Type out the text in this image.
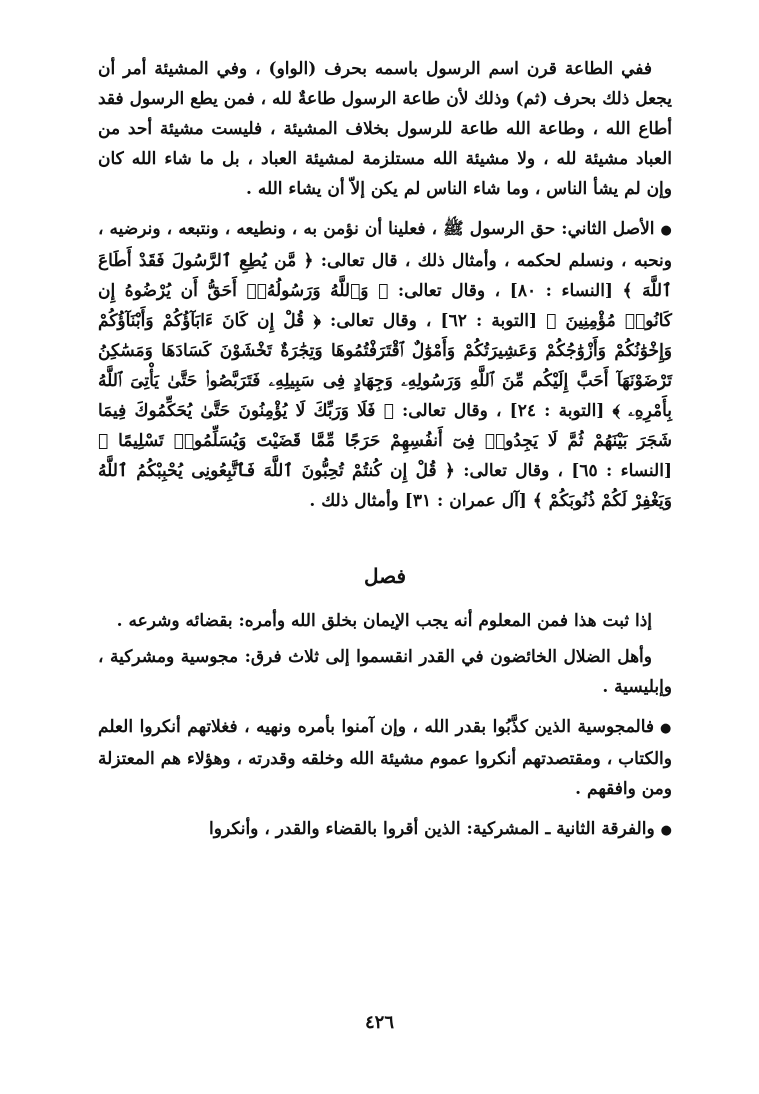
ففي الطاعة قرن اسم الرسول باسمه بحرف (الواو) ، وفي المشيئة أمر أن يجعل ذلك بحرف (ثم) وذلك لأن طاعة الرسول طاعةٌ لله ، فمن يطع الرسول فقد أطاع الله ، وطاعة الله طاعة للرسول بخلاف المشيئة ، فليست مشيئة أحد من العباد مشيئة لله ، ولا مشيئة الله مستلزمة لمشيئة العباد ، بل ما شاء الله كان وإن لم يشأ الناس ، وما شاء الناس لم يكن إلاّ أن يشاء الله .

●الأصل الثاني: حق الرسول ﷺ ، فعلينا أن نؤمن به ، ونطيعه ، ونتبعه ، ونرضيه ، ونحبه ، ونسلم لحكمه ، وأمثال ذلك ، قال تعالى: ﴿ مَّن يُطِعِ ٱلرَّسُولَ فَقَدْ أَطَاعَ ٱللَّهَ ﴾ [النساء : ٨٠] ، وقال تعالى: ﴿ وَٱللَّهُ وَرَسُولُهُۥٓ أَحَقُّ أَن يُرْضُوهُ إِن كَانُوا۟ مُؤْمِنِينَ ﴾ [التوبة : ٦٢] ، وقال تعالى: ﴿ قُلْ إِن كَانَ ءَابَآؤُكُمْ وَأَبْنَآؤُكُمْ وَإِخْوَٰنُكُمْ وَأَزْوَٰجُكُمْ وَعَشِيرَتُكُمْ وَأَمْوَٰلٌ ٱقْتَرَفْتُمُوهَا وَتِجَٰرَةٌ تَخْشَوْنَ كَسَادَهَا وَمَسَٰكِنُ تَرْضَوْنَهَآ أَحَبَّ إِلَيْكُم مِّنَ ٱللَّهِ وَرَسُولِهِۦ وَجِهَادٍ فِى سَبِيلِهِۦ فَتَرَبَّصُوا۟ حَتَّىٰ يَأْتِىَ ٱللَّهُ بِأَمْرِهِۦ ﴾ [التوبة : ٢٤] ، وقال تعالى: ﴿ فَلَا وَرَبِّكَ لَا يُؤْمِنُونَ حَتَّىٰ يُحَكِّمُوكَ فِيمَا شَجَرَ بَيْنَهُمْ ثُمَّ لَا يَجِدُوا۟ فِىٓ أَنفُسِهِمْ حَرَجًا مِّمَّا قَضَيْتَ وَيُسَلِّمُوا۟ تَسْلِيمًا ﴾ [النساء : ٦٥] ، وقال تعالى: ﴿ قُلْ إِن كُنتُمْ تُحِبُّونَ ٱللَّهَ فَٱتَّبِعُونِى يُحْبِبْكُمُ ٱللَّهُ وَيَغْفِرْ لَكُمْ ذُنُوبَكُمْ ﴾ [آل عمران : ٣١] وأمثال ذلك .

فصل

إذا ثبت هذا فمن المعلوم أنه يجب الإيمان بخلق الله وأمره: بقضائه وشرعه .

وأهل الضلال الخائضون في القدر انقسموا إلى ثلاث فرق: مجوسية ومشركية ، وإبليسية .

●فالمجوسية الذين كذَّبُوا بقدر الله ، وإن آمنوا بأمره ونهيه ، فغلاتهم أنكروا العلم والكتاب ، ومقتصدتهم أنكروا عموم مشيئة الله وخلقه وقدرته ، وهؤلاء هم المعتزلة ومن وافقهم .

●والفرقة الثانية ـ المشركية: الذين أقروا بالقضاء والقدر ، وأنكروا

٤٢٦
